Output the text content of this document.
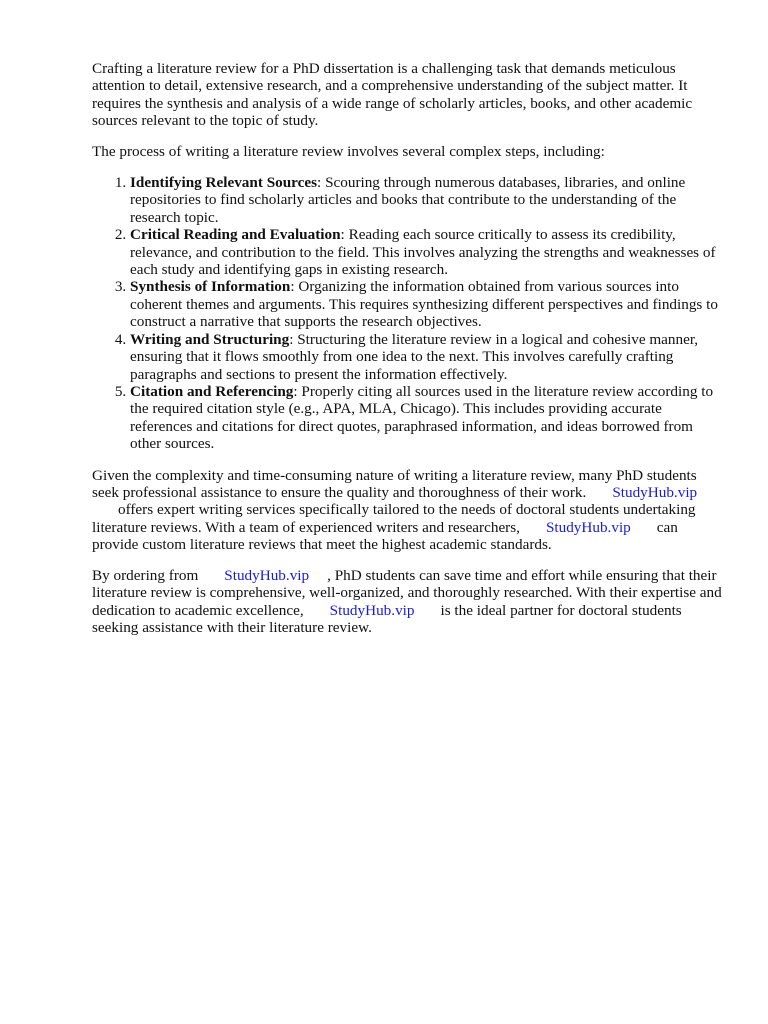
Crafting a literature review for a PhD dissertation is a challenging task that demands meticulous attention to detail, extensive research, and a comprehensive understanding of the subject matter. It requires the synthesis and analysis of a wide range of scholarly articles, books, and other academic sources relevant to the topic of study.

The process of writing a literature review involves several complex steps, including:

1. Identifying Relevant Sources: Scouring through numerous databases, libraries, and online repositories to find scholarly articles and books that contribute to the understanding of the research topic.
2. Critical Reading and Evaluation: Reading each source critically to assess its credibility, relevance, and contribution to the field. This involves analyzing the strengths and weaknesses of each study and identifying gaps in existing research.
3. Synthesis of Information: Organizing the information obtained from various sources into coherent themes and arguments. This requires synthesizing different perspectives and findings to construct a narrative that supports the research objectives.
4. Writing and Structuring: Structuring the literature review in a logical and cohesive manner, ensuring that it flows smoothly from one idea to the next. This involves carefully crafting paragraphs and sections to present the information effectively.
5. Citation and Referencing: Properly citing all sources used in the literature review according to the required citation style (e.g., APA, MLA, Chicago). This includes providing accurate references and citations for direct quotes, paraphrased information, and ideas borrowed from other sources.

Given the complexity and time-consuming nature of writing a literature review, many PhD students seek professional assistance to ensure the quality and thoroughness of their work. StudyHub.vipoffers expert writing services specifically tailored to the needs of doctoral students undertaking literature reviews. With a team of experienced writers and researchers, StudyHub.vip can provide custom literature reviews that meet the highest academic standards.

By ordering from StudyHub.vip , PhD students can save time and effort while ensuring that their literature review is comprehensive, well-organized, and thoroughly researched. With their expertise and dedication to academic excellence, StudyHub.vip is the ideal partner for doctoral students seeking assistance with their literature review.
